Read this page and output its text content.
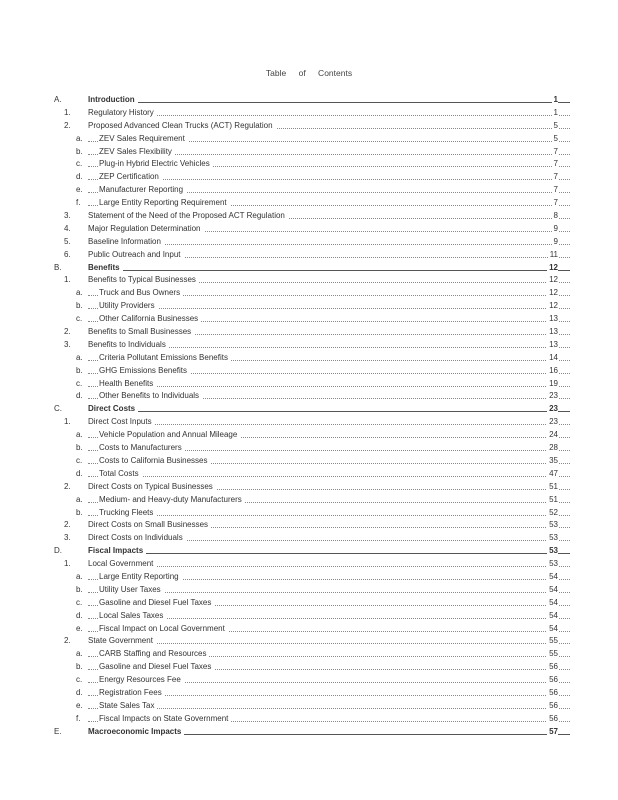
Table of Contents
A.	Introduction	1
1. Regulatory History	1
2. Proposed Advanced Clean Trucks (ACT) Regulation	5
a. ZEV Sales Requirement	5
b. ZEV Sales Flexibility	7
c. Plug-in Hybrid Electric Vehicles	7
d. ZEP Certification	7
e. Manufacturer Reporting	7
f. Large Entity Reporting Requirement	7
3. Statement of the Need of the Proposed ACT Regulation	8
4. Major Regulation Determination	9
5. Baseline Information	9
6. Public Outreach and Input	11
B.	Benefits	12
1. Benefits to Typical Businesses	12
a. Truck and Bus Owners	12
b. Utility Providers	12
c. Other California Businesses	13
2. Benefits to Small Businesses	13
3. Benefits to Individuals	13
a. Criteria Pollutant Emissions Benefits	14
b. GHG Emissions Benefits	16
c. Health Benefits	19
d. Other Benefits to Individuals	23
C.	Direct Costs	23
1. Direct Cost Inputs	23
a. Vehicle Population and Annual Mileage	24
b. Costs to Manufacturers	28
c. Costs to California Businesses	35
d. Total Costs	47
2. Direct Costs on Typical Businesses	51
a. Medium- and Heavy-duty Manufacturers	51
b. Trucking Fleets	52
2. Direct Costs on Small Businesses	53
3. Direct Costs on Individuals	53
D.	Fiscal Impacts	53
1. Local Government	53
a. Large Entity Reporting	54
b. Utility User Taxes	54
c. Gasoline and Diesel Fuel Taxes	54
d. Local Sales Taxes	54
e. Fiscal Impact on Local Government	54
2. State Government	55
a. CARB Staffing and Resources	55
b. Gasoline and Diesel Fuel Taxes	56
c. Energy Resources Fee	56
d. Registration Fees	56
e. State Sales Tax	56
f. Fiscal Impacts on State Government	56
E.	Macroeconomic Impacts	57
